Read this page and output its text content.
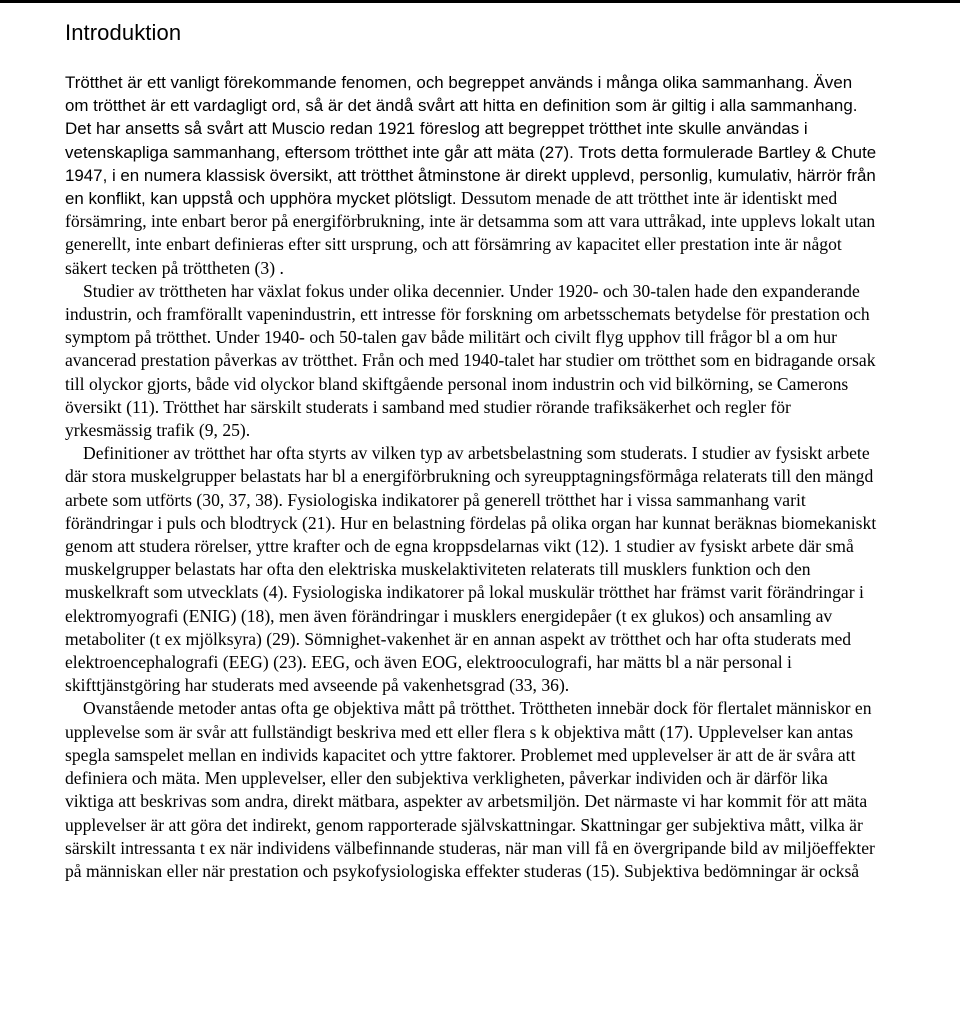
Introduktion

Trötthet är ett vanligt förekommande fenomen, och begreppet används i många olika sammanhang. Även om trötthet är ett vardagligt ord, så är det ändå svårt att hitta en definition som är giltig i alla sammanhang. Det har ansetts så svårt att Muscio redan 1921 föreslog att begreppet trötthet inte skulle användas i vetenskapliga sammanhang, eftersom trötthet inte går att mäta (27). Trots detta formulerade Bartley & Chute 1947, i en numera klassisk översikt, att trötthet åtminstone är direkt upplevd, personlig, kumulativ, härrör från en konflikt, kan uppstå och upphöra mycket plötsligt. Dessutom menade de att trötthet inte är identiskt med försämring, inte enbart beror på energiförbrukning, inte är detsamma som att vara uttråkad, inte upplevs lokalt utan generellt, inte enbart definieras efter sitt ursprung, och att försämring av kapacitet eller prestation inte är något säkert tecken på tröttheten (3) .

Studier av tröttheten har växlat fokus under olika decennier. Under 1920- och 30-talen hade den expanderande industrin, och framförallt vapenindustrin, ett intresse för forskning om arbetsschemats betydelse för prestation och symptom på trötthet. Under 1940- och 50-talen gav både militärt och civilt flyg upphov till frågor bl a om hur avancerad prestation påverkas av trötthet. Från och med 1940-talet har studier om trötthet som en bidragande orsak till olyckor gjorts, både vid olyckor bland skiftgående personal inom industrin och vid bilkörning, se Camerons översikt (11). Trötthet har särskilt studerats i samband med studier rörande trafiksäkerhet och regler för yrkesmässig trafik (9, 25).

Definitioner av trötthet har ofta styrts av vilken typ av arbetsbelastning som studerats. I studier av fysiskt arbete där stora muskelgrupper belastats har bl a energiförbrukning och syreupptagningsförmåga relaterats till den mängd arbete som utförts (30, 37, 38). Fysiologiska indikatorer på generell trötthet har i vissa sammanhang varit förändringar i puls och blodtryck (21). Hur en belastning fördelas på olika organ har kunnat beräknas biomekaniskt genom att studera rörelser, yttre krafter och de egna kroppsdelarnas vikt (12). 1 studier av fysiskt arbete där små muskelgrupper belastats har ofta den elektriska muskelaktiviteten relaterats till musklers funktion och den muskelkraft som utvecklats (4). Fysiologiska indikatorer på lokal muskulär trötthet har främst varit förändringar i elektromyografi (ENIG) (18), men även förändringar i musklers energidepåer (t ex glukos) och ansamling av metaboliter (t ex mjölksyra) (29). Sömnighet-vakenhet är en annan aspekt av trötthet och har ofta studerats med elektroencephalografi (EEG) (23). EEG, och även EOG, elektrooculografi, har mätts bl a när personal i skifttjänstgöring har studerats med avseende på vakenhetsgrad (33, 36).

Ovanstående metoder antas ofta ge objektiva mått på trötthet. Tröttheten innebär dock för flertalet människor en upplevelse som är svår att fullständigt beskriva med ett eller flera s k objektiva mått (17). Upplevelser kan antas spegla samspelet mellan en individs kapacitet och yttre faktorer. Problemet med upplevelser är att de är svåra att definiera och mäta. Men upplevelser, eller den subjektiva verkligheten, påverkar individen och är därför lika viktiga att beskrivas som andra, direkt mätbara, aspekter av arbetsmiljön. Det närmaste vi har kommit för att mäta upplevelser är att göra det indirekt, genom rapporterade självskattningar. Skattningar ger subjektiva mått, vilka är särskilt intressanta t ex när individens välbefinnande studeras, när man vill få en övergripande bild av miljöeffekter på människan eller när prestation och psykofysiologiska effekter studeras (15). Subjektiva bedömningar är också
